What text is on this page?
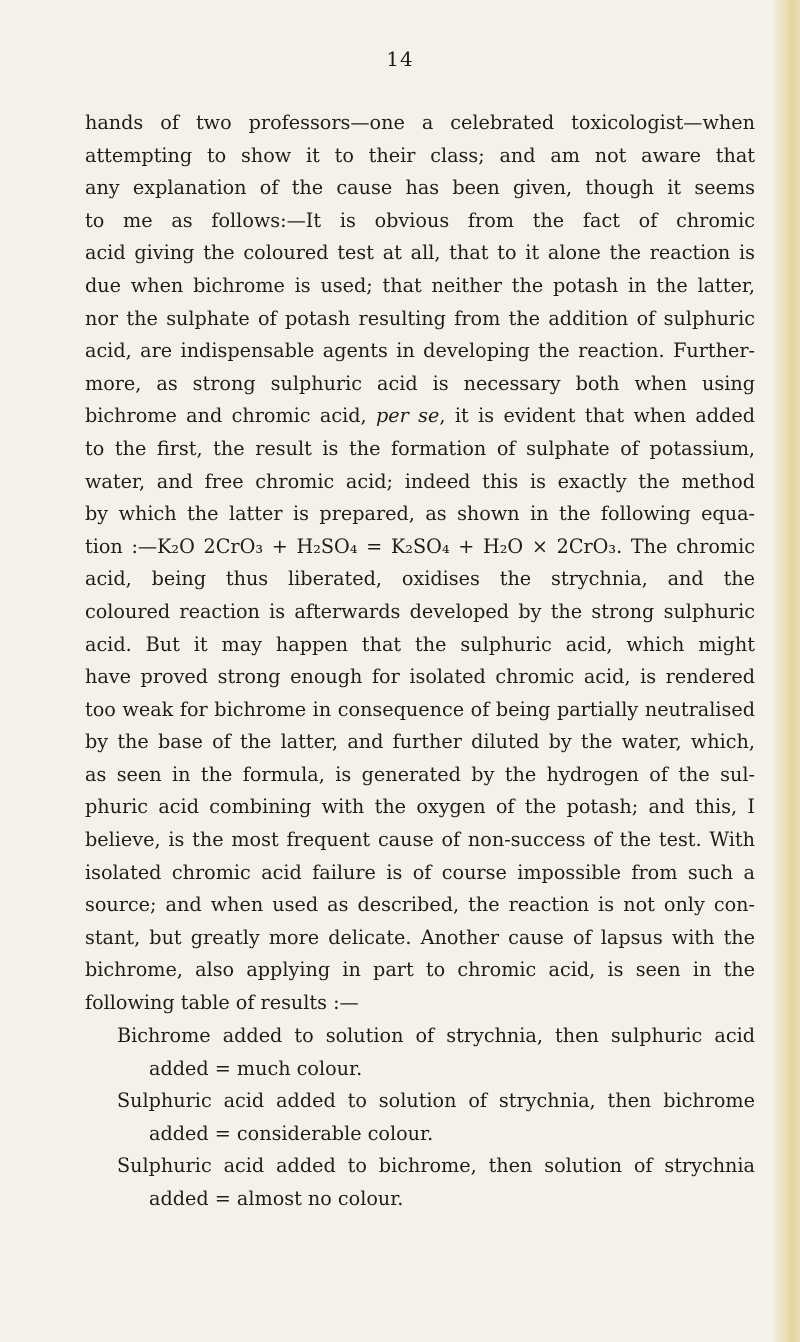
14
hands of two professors—one a celebrated toxicologist—when
attempting to show it to their class; and am not aware that
any explanation of the cause has been given, though it seems
to me as follows:—It is obvious from the fact of chromic
acid giving the coloured test at all, that to it alone the reaction is
due when bichrome is used; that neither the potash in the latter,
nor the sulphate of potash resulting from the addition of sulphuric
acid, are indispensable agents in developing the reaction. Further-
more, as strong sulphuric acid is necessary both when using
bichrome and chromic acid, per se, it is evident that when added
to the first, the result is the formation of sulphate of potassium,
water, and free chromic acid; indeed this is exactly the method
by which the latter is prepared, as shown in the following equa-
tion :—K₂O 2CrO₃ + H₂SO₄ = K₂SO₄ + H₂O × 2CrO₃. The chromic
acid, being thus liberated, oxidises the strychnia, and the
coloured reaction is afterwards developed by the strong sulphuric
acid. But it may happen that the sulphuric acid, which might
have proved strong enough for isolated chromic acid, is rendered
too weak for bichrome in consequence of being partially neutralised
by the base of the latter, and further diluted by the water, which,
as seen in the formula, is generated by the hydrogen of the sul-
phuric acid combining with the oxygen of the potash; and this, I
believe, is the most frequent cause of non-success of the test. With
isolated chromic acid failure is of course impossible from such a
source; and when used as described, the reaction is not only con-
stant, but greatly more delicate. Another cause of lapsus with the
bichrome, also applying in part to chromic acid, is seen in the
following table of results :—
Bichrome added to solution of strychnia, then sulphuric acid
added = much colour.
Sulphuric acid added to solution of strychnia, then bichrome
added = considerable colour.
Sulphuric acid added to bichrome, then solution of strychnia
added = almost no colour.
